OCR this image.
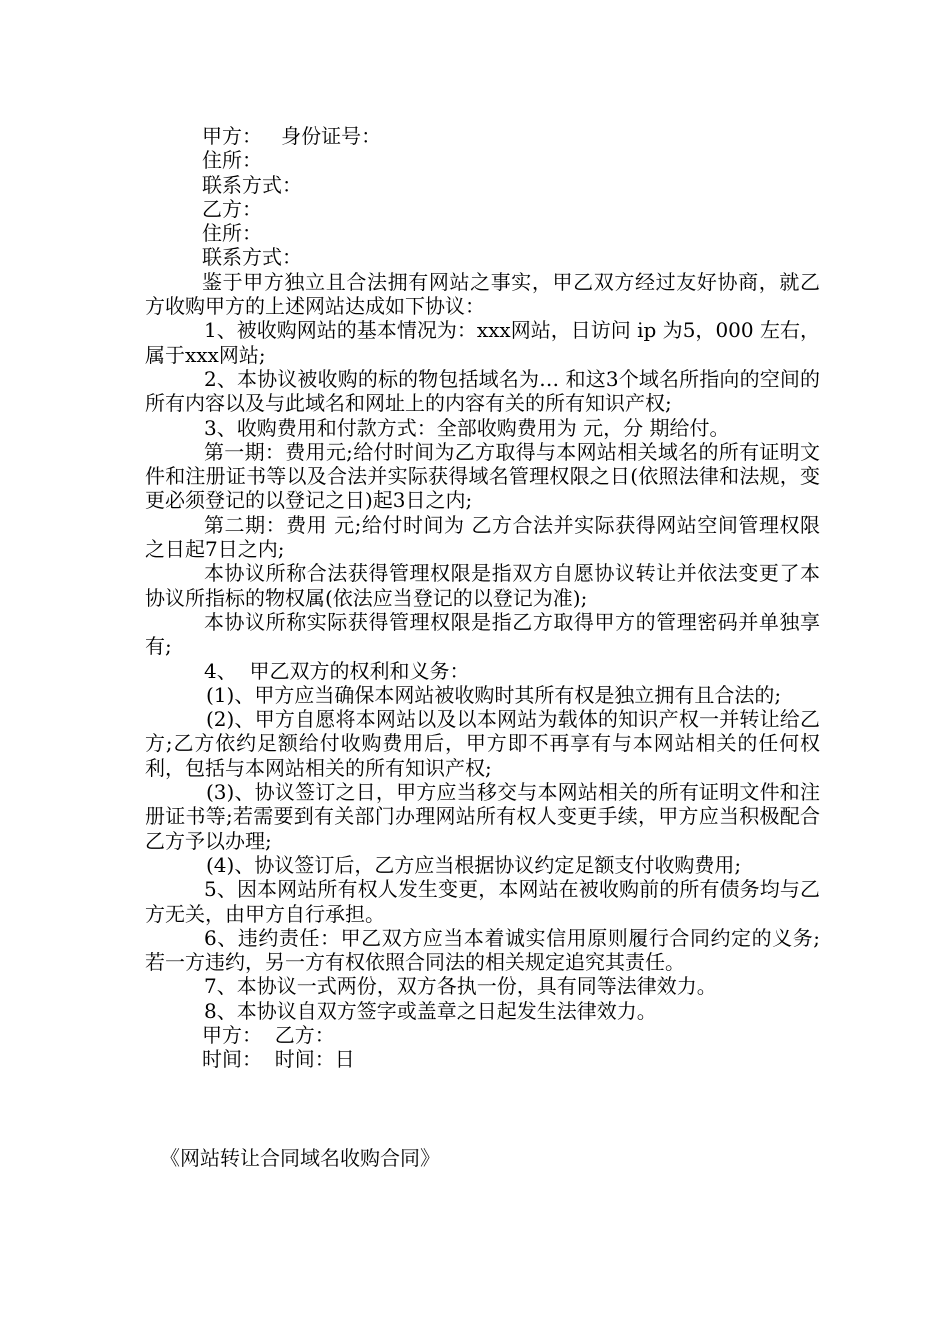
甲方：   身份证号：

住所：

联系方式：

乙方：

住所：

联系方式：

鉴于甲方独立且合法拥有网站之事实，甲乙双方经过友好协商，就乙方收购甲方的上述网站达成如下协议：

1、被收购网站的基本情况为：xxx网站，日访问 ip 为5，000 左右，属于xxx网站;

2、本协议被收购的标的物包括域名为… 和这3个域名所指向的空间的所有内容以及与此域名和网址上的内容有关的所有知识产权;

3、收购费用和付款方式：全部收购费用为 元，分 期给付。

第一期：费用元;给付时间为乙方取得与本网站相关域名的所有证明文件和注册证书等以及合法并实际获得域名管理权限之日(依照法律和法规，变更必须登记的以登记之日)起3日之内;

第二期：费用 元;给付时间为 乙方合法并实际获得网站空间管理权限之日起7日之内;

本协议所称合法获得管理权限是指双方自愿协议转让并依法变更了本协议所指标的物权属(依法应当登记的以登记为准);

本协议所称实际获得管理权限是指乙方取得甲方的管理密码并单独享有;

4、  甲乙双方的权利和义务：

(1)、甲方应当确保本网站被收购时其所有权是独立拥有且合法的;

(2)、甲方自愿将本网站以及以本网站为载体的知识产权一并转让给乙方;乙方依约足额给付收购费用后，甲方即不再享有与本网站相关的任何权利，包括与本网站相关的所有知识产权;

(3)、协议签订之日，甲方应当移交与本网站相关的所有证明文件和注册证书等;若需要到有关部门办理网站所有权人变更手续，甲方应当积极配合乙方予以办理;

(4)、协议签订后，乙方应当根据协议约定足额支付收购费用;

5、因本网站所有权人发生变更，本网站在被收购前的所有债务均与乙方无关，由甲方自行承担。

6、违约责任：甲乙双方应当本着诚实信用原则履行合同约定的义务;若一方违约，另一方有权依照合同法的相关规定追究其责任。

7、本协议一式两份，双方各执一份，具有同等法律效力。

8、本协议自双方签字或盖章之日起发生法律效力。

甲方：  乙方：

时间：  时间：日

《网站转让合同域名收购合同》
